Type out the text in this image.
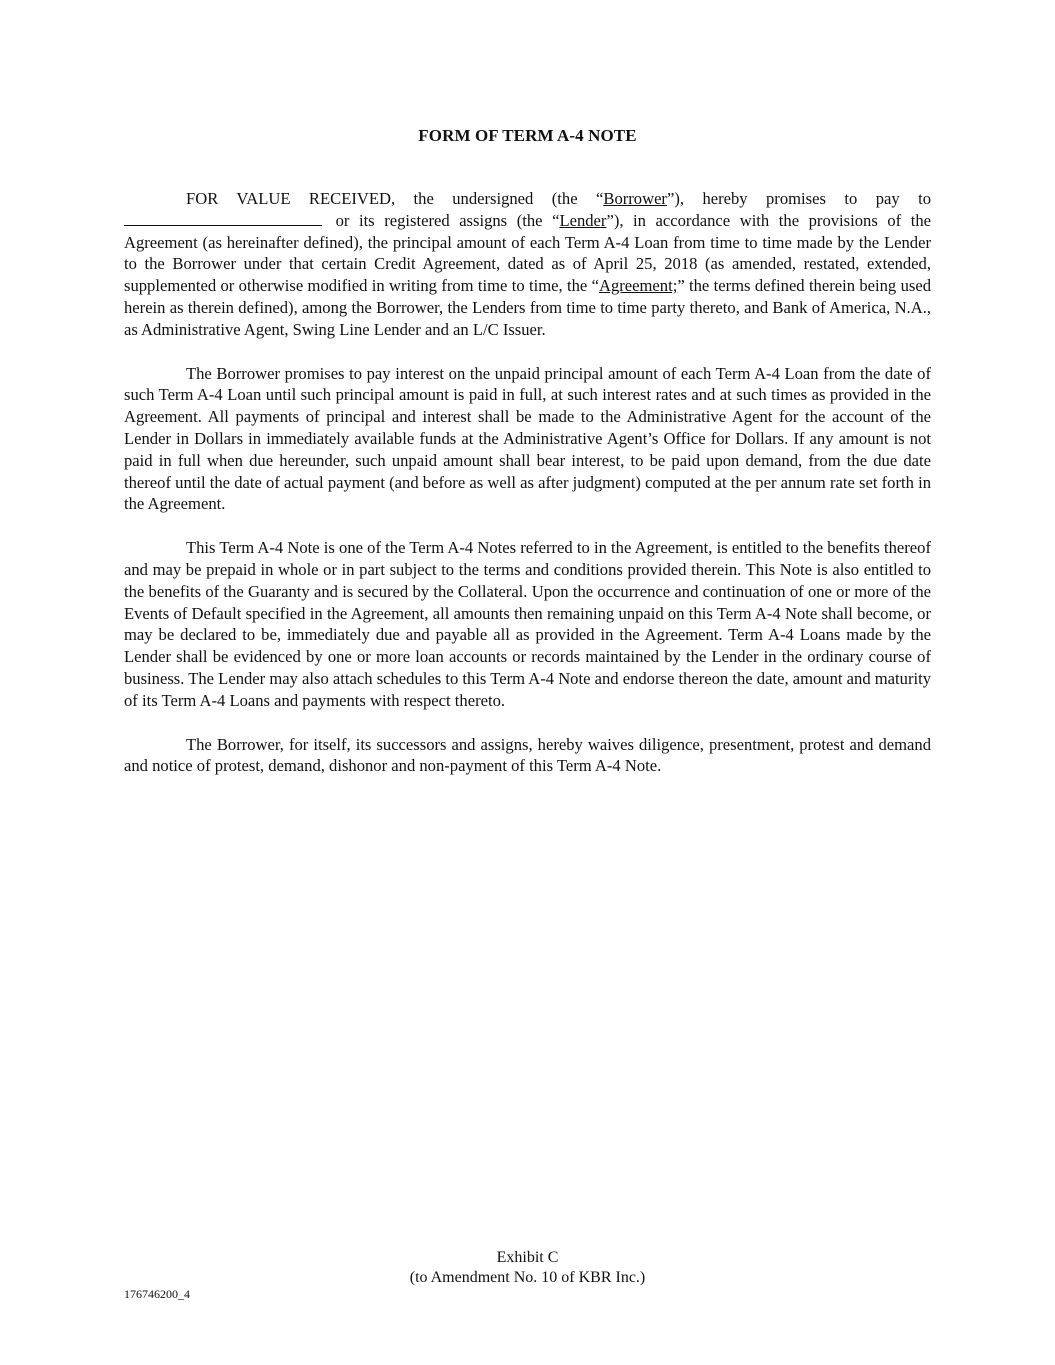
FORM OF TERM A-4 NOTE

FOR VALUE RECEIVED, the undersigned (the “Borrower”), hereby promises to pay to  or its registered assigns (the “Lender”), in accordance with the provisions of the Agreement (as hereinafter defined), the principal amount of each Term A-4 Loan from time to time made by the Lender to the Borrower under that certain Credit Agreement, dated as of April 25, 2018 (as amended, restated, extended, supplemented or otherwise modified in writing from time to time, the “Agreement;” the terms defined therein being used herein as therein defined), among the Borrower, the Lenders from time to time party thereto, and Bank of America, N.A., as Administrative Agent, Swing Line Lender and an L/C Issuer.

The Borrower promises to pay interest on the unpaid principal amount of each Term A-4 Loan from the date of such Term A-4 Loan until such principal amount is paid in full, at such interest rates and at such times as provided in the Agreement. All payments of principal and interest shall be made to the Administrative Agent for the account of the Lender in Dollars in immediately available funds at the Administrative Agent’s Office for Dollars. If any amount is not paid in full when due hereunder, such unpaid amount shall bear interest, to be paid upon demand, from the due date thereof until the date of actual payment (and before as well as after judgment) computed at the per annum rate set forth in the Agreement.

This Term A-4 Note is one of the Term A-4 Notes referred to in the Agreement, is entitled to the benefits thereof and may be prepaid in whole or in part subject to the terms and conditions provided therein. This Note is also entitled to the benefits of the Guaranty and is secured by the Collateral. Upon the occurrence and continuation of one or more of the Events of Default specified in the Agreement, all amounts then remaining unpaid on this Term A-4 Note shall become, or may be declared to be, immediately due and payable all as provided in the Agreement. Term A-4 Loans made by the Lender shall be evidenced by one or more loan accounts or records maintained by the Lender in the ordinary course of business. The Lender may also attach schedules to this Term A-4 Note and endorse thereon the date, amount and maturity of its Term A-4 Loans and payments with respect thereto.

The Borrower, for itself, its successors and assigns, hereby waives diligence, presentment, protest and demand and notice of protest, demand, dishonor and non-payment of this Term A-4 Note.

Exhibit C
(to Amendment No. 10 of KBR Inc.)
176746200_4
